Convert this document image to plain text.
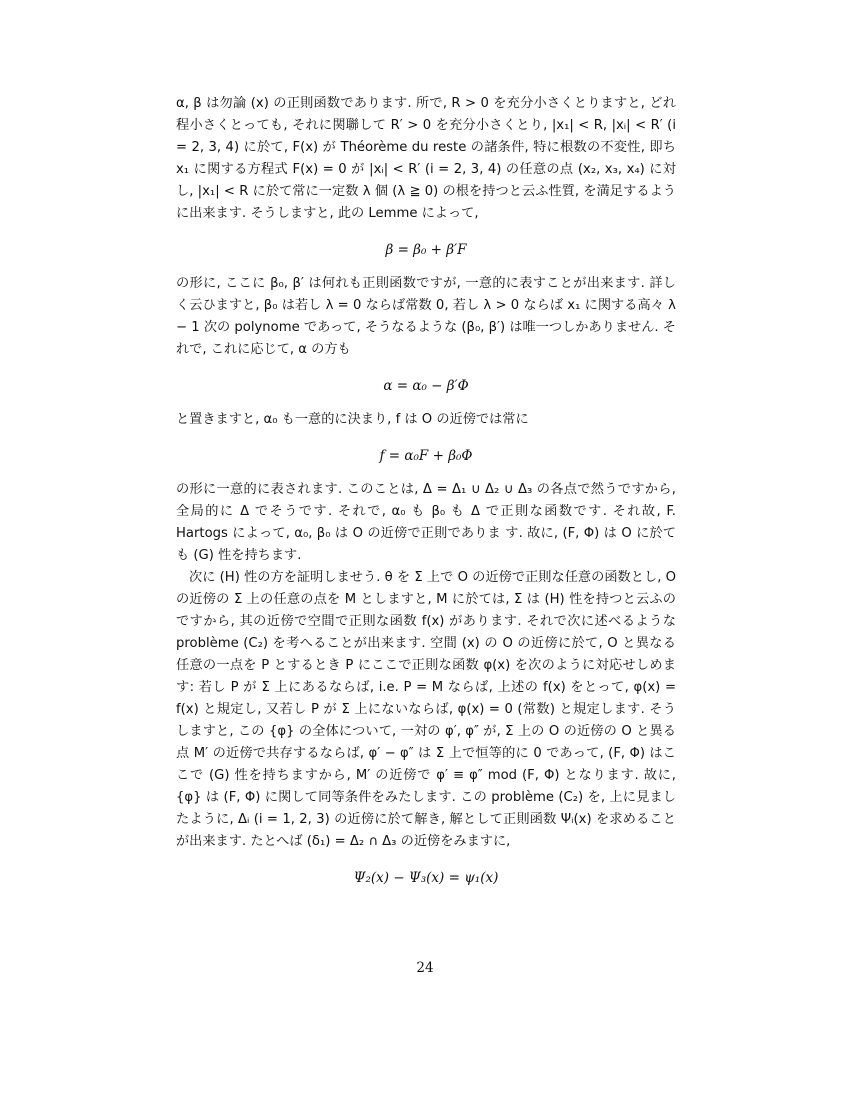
α, β は勿論 (x) の正則函数であります. 所で, R > 0 を充分小さくとりますと, どれ程小さくとっても, それに関聯して R′ > 0 を充分小さくとり, |x₁| < R, |xᵢ| < R′ (i = 2, 3, 4) に於て, F(x) が Théorème du reste の諸条件, 特に根数の不変性, 即ち x₁ に関する方程式 F(x) = 0 が |xᵢ| < R′ (i = 2, 3, 4) の任意の点 (x₂, x₃, x₄) に対し, |x₁| < R に於て常に一定数 λ 個 (λ ≧ 0) の根を持つと云ふ性質, を満足するように出来ます. そうしますと, 此の Lemme によって,

β = β₀ + β′F

の形に, ここに β₀, β′ は何れも正則函数ですが, 一意的に表すことが出来ます. 詳しく云ひますと, β₀ は若し λ = 0 ならば常数 0, 若し λ > 0 ならば x₁ に関する高々 λ − 1 次の polynome であって, そうなるような (β₀, β′) は唯一つしかありません. それで, これに応じて, α の方も

α = α₀ − β′Φ

と置きますと, α₀ も一意的に決まり, f は O の近傍では常に

f = α₀F + β₀Φ

の形に一意的に表されます. このことは, Δ = Δ₁ ∪ Δ₂ ∪ Δ₃ の各点で然うですから, 全局的に Δ でそうです. それで, α₀ も β₀ も Δ で正則な函数です. それ故, F. Hartogs によって, α₀, β₀ は O の近傍で正則でありま す. 故に, (F, Φ) は O に於ても (G) 性を持ちます.

次に (H) 性の方を証明しませう. θ を Σ 上で O の近傍で正則な任意の函数とし, O の近傍の Σ 上の任意の点を M としますと, M に於ては, Σ は (H) 性を持つと云ふのですから, 其の近傍で空間で正則な函数 f(x) があります. それで次に述べるような problème (C₂) を考へることが出来ます. 空間 (x) の O の近傍に於て, O と異なる任意の一点を P とするとき P にここで正則な函数 φ(x) を次のように対応せしめます: 若し P が Σ 上にあるならば, i.e. P = M ならば, 上述の f(x) をとって, φ(x) = f(x) と規定し, 又若し P が Σ 上にないならば, φ(x) = 0 (常数) と規定します. そうしますと, この {φ} の全体について, 一対の φ′, φ″ が, Σ 上の O の近傍の O と異る点 M′ の近傍で共存するならば, φ′ − φ″ は Σ 上で恒等的に 0 であって, (F, Φ) はここで (G) 性を持ちますから, M′ の近傍で φ′ ≡ φ″ mod (F, Φ) となります. 故に, {φ} は (F, Φ) に関して同等条件をみたします. この problème (C₂) を, 上に見ましたように, Δᵢ (i = 1, 2, 3) の近傍に於て解き, 解として正則函数 Ψᵢ(x) を求めることが出来ます. たとへば (δ₁) = Δ₂ ∩ Δ₃ の近傍をみますに,

Ψ₂(x) − Ψ₃(x) = ψ₁(x)
24
